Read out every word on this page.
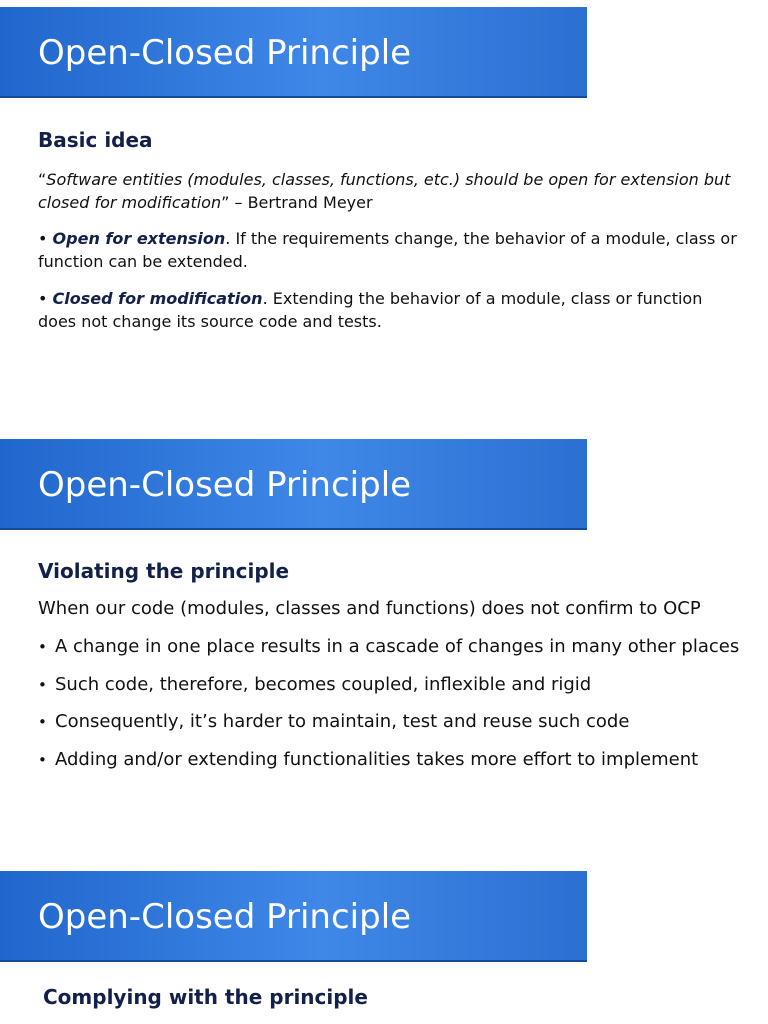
Open-Closed Principle
Basic idea

“Software entities (modules, classes, functions, etc.) should be open for extension but closed for modification” – Bertrand Meyer

• Open for extension. If the requirements change, the behavior of a module, class or function can be extended.

• Closed for modification. Extending the behavior of a module, class or function does not change its source code and tests.

Open-Closed Principle
Violating the principle

When our code (modules, classes and functions) does not confirm to OCP

• A change in one place results in a cascade of changes in many other places

• Such code, therefore, becomes coupled, inflexible and rigid

• Consequently, it’s harder to maintain, test and reuse such code

• Adding and/or extending functionalities takes more effort to implement

Open-Closed Principle
Complying with the principle
